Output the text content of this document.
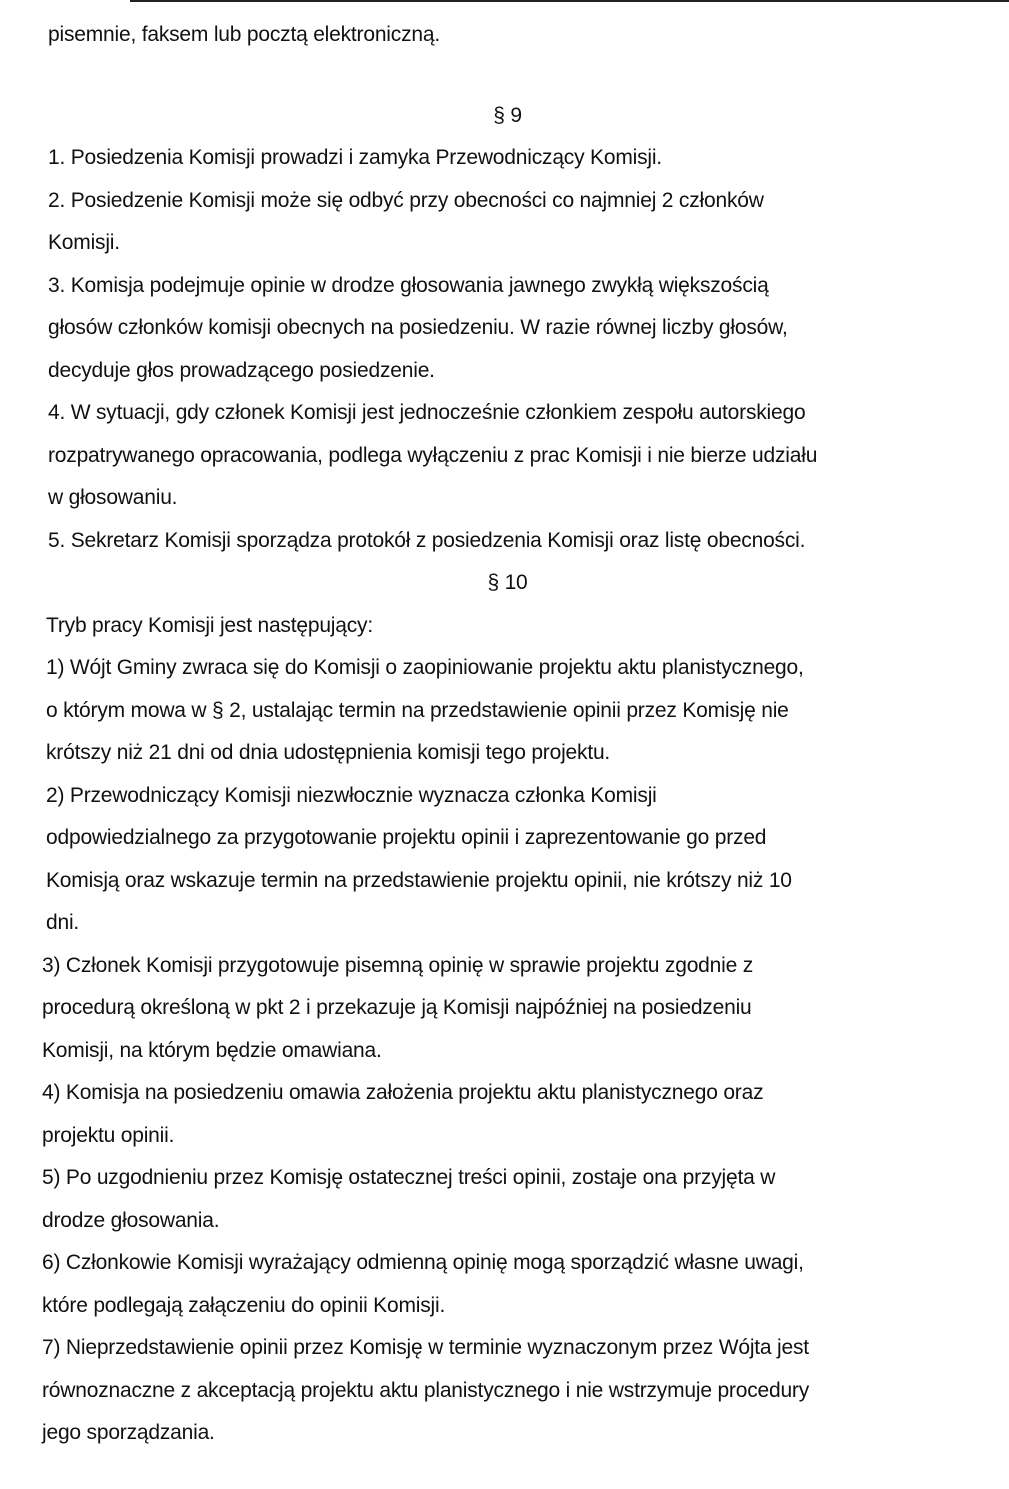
pisemnie, faksem lub pocztą elektroniczną.
§ 9
1. Posiedzenia Komisji prowadzi i zamyka Przewodniczący Komisji.
2. Posiedzenie Komisji może się odbyć przy obecności co najmniej 2 członków
Komisji.
3. Komisja podejmuje opinie w drodze głosowania jawnego zwykłą większością
głosów członków komisji obecnych na posiedzeniu. W razie równej liczby głosów,
decyduje głos prowadzącego posiedzenie.
4. W sytuacji, gdy członek Komisji jest jednocześnie członkiem zespołu autorskiego
rozpatrywanego opracowania, podlega wyłączeniu z prac Komisji i nie bierze udziału
w głosowaniu.
5. Sekretarz Komisji sporządza protokół z posiedzenia Komisji oraz listę obecności.
§ 10
Tryb pracy Komisji jest następujący:
1) Wójt Gminy zwraca się do Komisji o zaopiniowanie projektu aktu planistycznego,
o którym mowa w § 2, ustalając termin na przedstawienie opinii przez Komisję nie
krótszy niż 21 dni od dnia udostępnienia komisji tego projektu.
2) Przewodniczący Komisji niezwłocznie wyznacza członka Komisji
odpowiedzialnego za przygotowanie projektu opinii i zaprezentowanie go przed
Komisją oraz wskazuje termin na przedstawienie projektu opinii, nie krótszy niż 10
dni.
3) Członek Komisji przygotowuje pisemną opinię w sprawie projektu zgodnie z
procedurą określoną w pkt 2 i przekazuje ją Komisji najpóźniej na posiedzeniu
Komisji, na którym będzie omawiana.
4) Komisja na posiedzeniu omawia założenia projektu aktu planistycznego oraz
projektu opinii.
5) Po uzgodnieniu przez Komisję ostatecznej treści opinii, zostaje ona przyjęta w
drodze głosowania.
6) Członkowie Komisji wyrażający odmienną opinię mogą sporządzić własne uwagi,
które podlegają załączeniu do opinii Komisji.
7) Nieprzedstawienie opinii przez Komisję w terminie wyznaczonym przez Wójta jest
równoznaczne z akceptacją projektu aktu planistycznego i nie wstrzymuje procedury
jego sporządzania.
